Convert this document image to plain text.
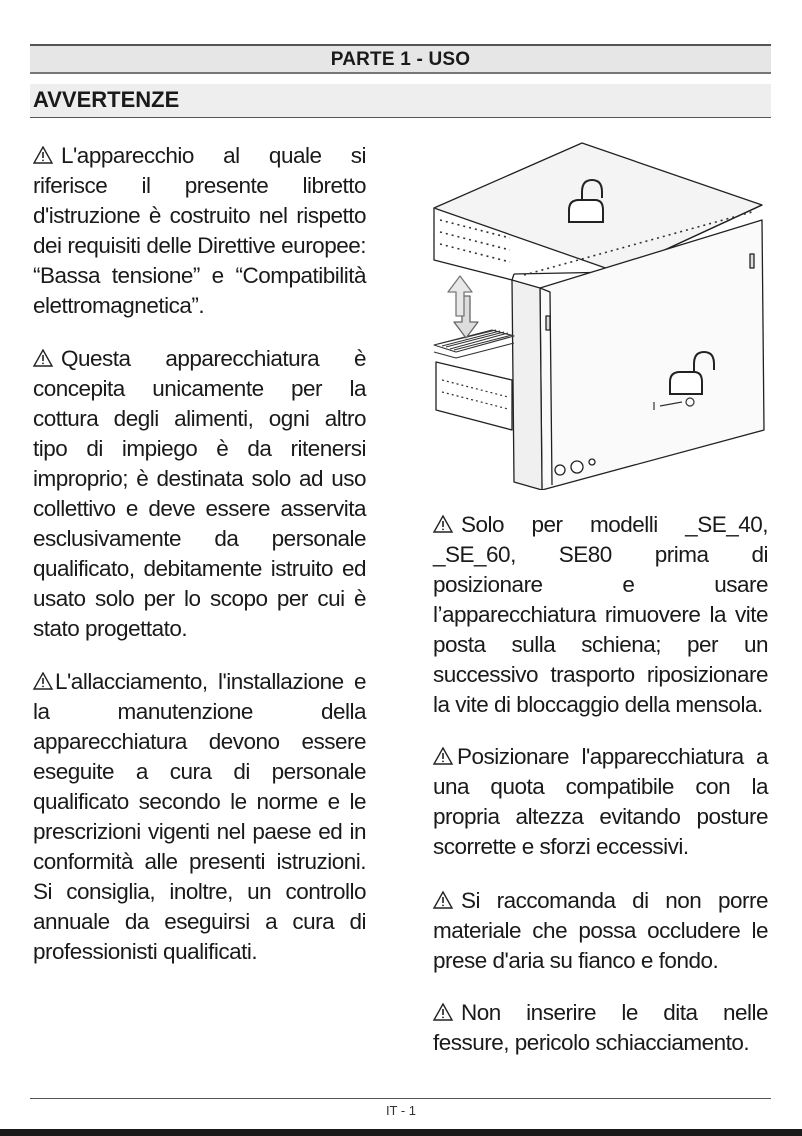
PARTE 1 - USO
AVVERTENZE

L'apparecchio al quale si riferisce il presente libretto d'istruzione è costruito nel rispetto dei requisiti delle Direttive europee: “Bassa tensione” e “Compatibilità elettromagnetica”.

Questa apparecchiatura è concepita unicamente per la cottura degli alimenti, ogni altro tipo di impiego è da ritenersi improprio; è destinata solo ad uso collettivo e deve essere asservita esclusivamente da personale qualificato, debitamente istruito ed usato solo per lo scopo per cui è stato progettato.

L'allacciamento, l'installazione e la manutenzione della apparecchiatura devono essere eseguite a cura di personale qualificato secondo le norme e le prescrizioni vigenti nel paese ed in conformità alle presenti istruzioni. Si consiglia, inoltre, un controllo annuale da eseguirsi a cura di professionisti qualificati.

Solo per modelli _SE_40, _SE_60, SE80 prima di posizionare e usare l’apparecchiatura rimuovere la vite posta sulla schiena; per un successivo trasporto riposizionare la vite di bloccaggio della mensola.

Posizionare l'apparecchiatura a una quota compatibile con la propria altezza evitando posture scorrette e sforzi eccessivi.

Si raccomanda di non porre materiale che possa occludere le prese d'aria su fianco e fondo.

Non inserire le dita nelle fessure, pericolo schiacciamento.

IT - 1
